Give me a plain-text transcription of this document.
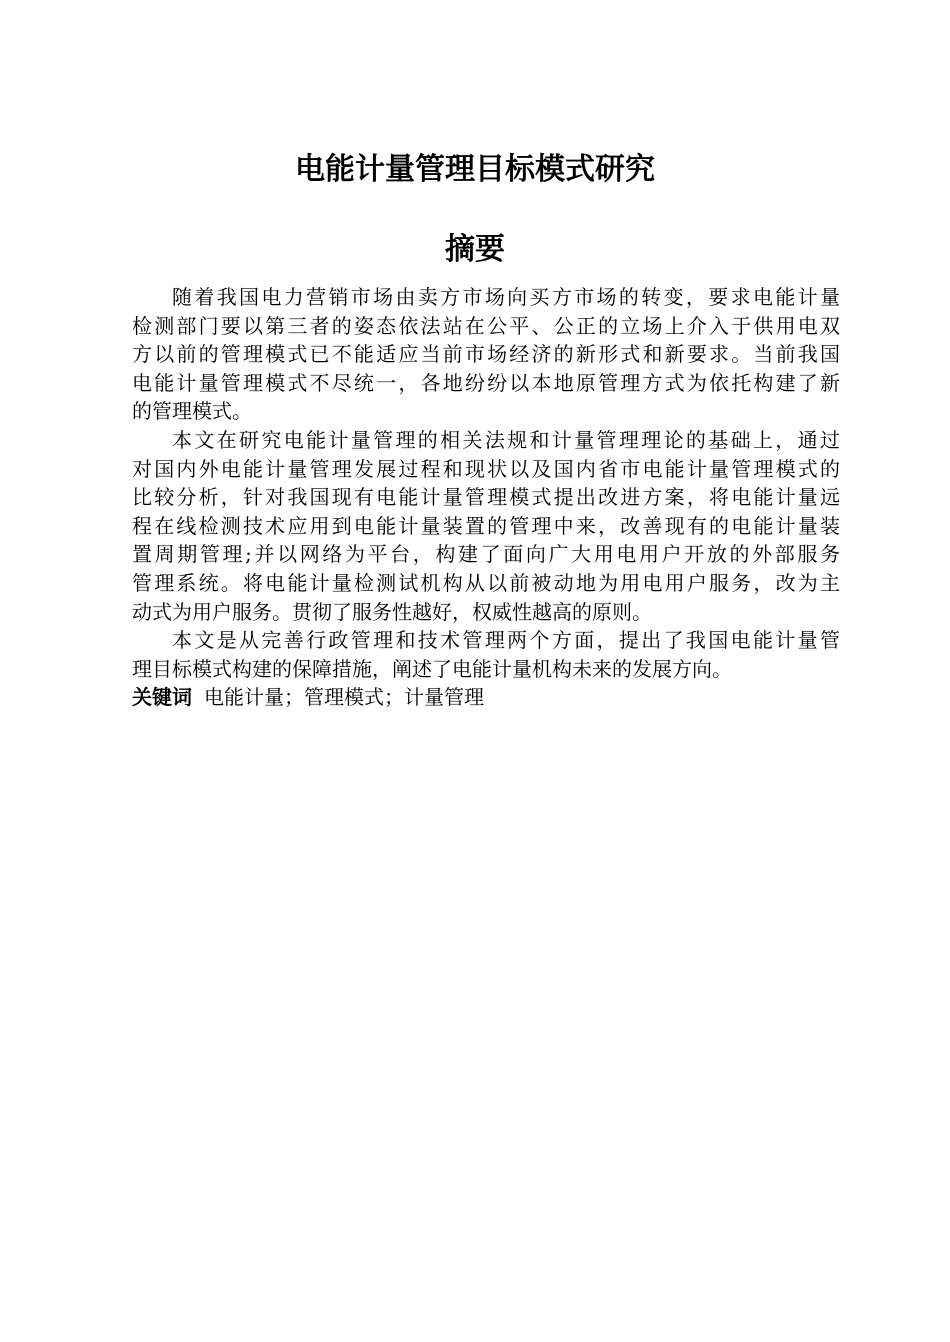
电能计量管理目标模式研究
摘要
随着我国电力营销市场由卖方市场向买方市场的转变，要求电能计量
检测部门要以第三者的姿态依法站在公平、公正的立场上介入于供用电双
方以前的管理模式已不能适应当前市场经济的新形式和新要求。当前我国
电能计量管理模式不尽统一，各地纷纷以本地原管理方式为依托构建了新
的管理模式。
本文在研究电能计量管理的相关法规和计量管理理论的基础上，通过
对国内外电能计量管理发展过程和现状以及国内省市电能计量管理模式的
比较分析，针对我国现有电能计量管理模式提出改进方案，将电能计量远
程在线检测技术应用到电能计量装置的管理中来，改善现有的电能计量装
置周期管理;并以网络为平台，构建了面向广大用电用户开放的外部服务
管理系统。将电能计量检测试机构从以前被动地为用电用户服务，改为主
动式为用户服务。贯彻了服务性越好，权威性越高的原则。
本文是从完善行政管理和技术管理两个方面，提出了我国电能计量管
理目标模式构建的保障措施，阐述了电能计量机构未来的发展方向。

关键词 电能计量；管理模式；计量管理
